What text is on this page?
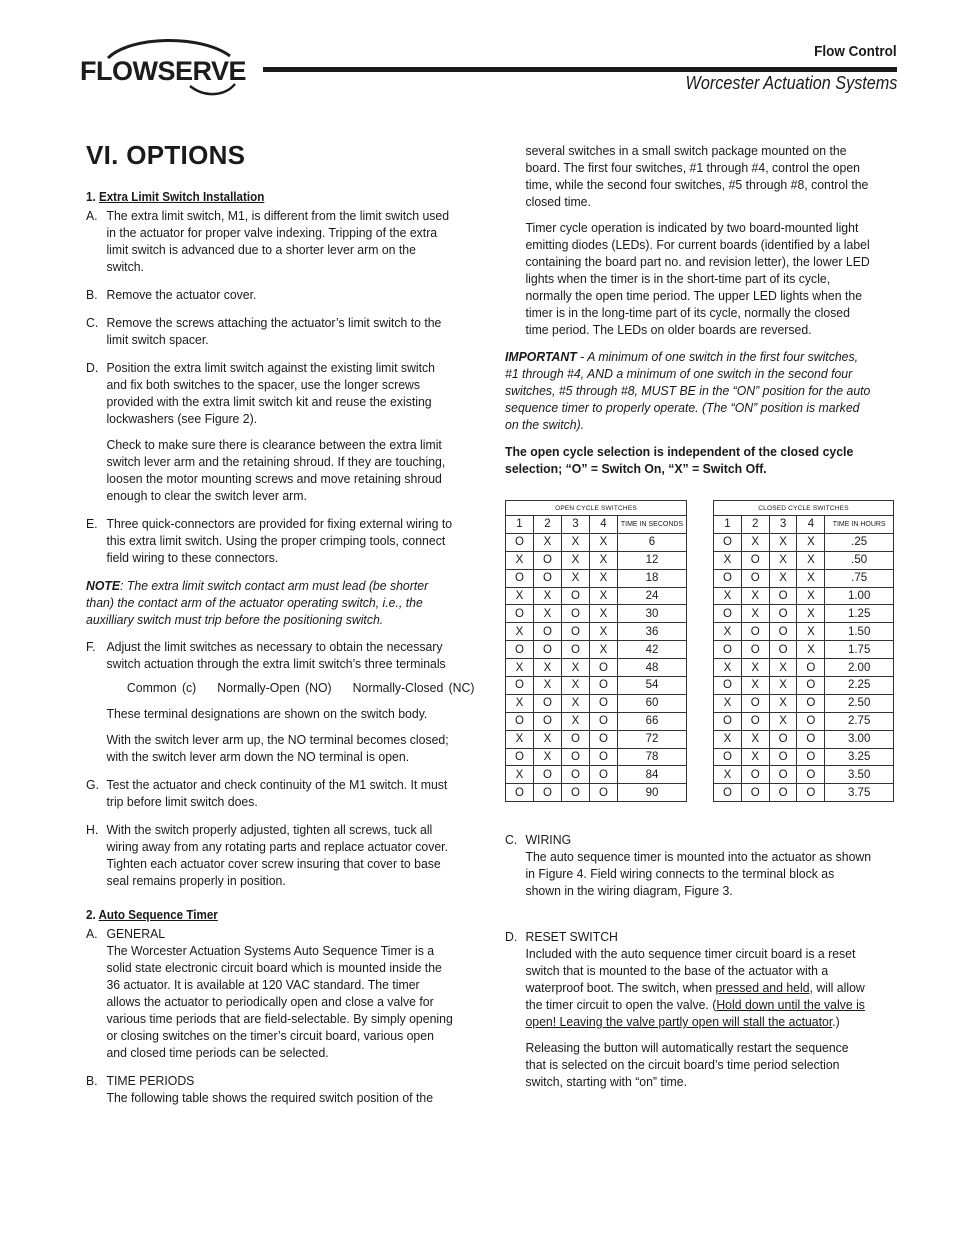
FLOWSERVE
Flow Control
Worcester Actuation Systems
VI. OPTIONS
1. Extra Limit Switch Installation
A. The extra limit switch, M1, is different from the limit switch used in the actuator for proper valve indexing. Tripping of the extra limit switch is advanced due to a shorter lever arm on the switch.
B. Remove the actuator cover.
C. Remove the screws attaching the actuator’s limit switch to the limit switch spacer.
D. Position the extra limit switch against the existing limit switch and fix both switches to the spacer, use the longer screws provided with the extra limit switch kit and reuse the existing lockwashers (see Figure 2).

Check to make sure there is clearance between the extra limit switch lever arm and the retaining shroud. If they are touching, loosen the motor mounting screws and move retaining shroud enough to clear the switch lever arm.

E. Three quick-connectors are provided for fixing external wiring to this extra limit switch. Using the proper crimping tools, connect field wiring to these connectors.
NOTE: The extra limit switch contact arm must lead (be shorter than) the contact arm of the actuator operating switch, i.e., the auxilliary switch must trip before the positioning switch.
F. Adjust the limit switches as necessary to obtain the necessary switch actuation through the extra limit switch’s three terminals
Common (c)    Normally-Open (NO)    Normally-Closed (NC)
These terminal designations are shown on the switch body.
With the switch lever arm up, the NO terminal becomes closed; with the switch lever arm down the NO terminal is open.
G. Test the actuator and check continuity of the M1 switch. It must trip before limit switch does.
H. With the switch properly adjusted, tighten all screws, tuck all wiring away from any rotating parts and replace actuator cover. Tighten each actuator cover screw insuring that cover to base seal remains properly in position.
2. Auto Sequence Timer
A. GENERAL
The Worcester Actuation Systems Auto Sequence Timer is a solid state electronic circuit board which is mounted inside the 36 actuator. It is available at 120 VAC standard. The timer allows the actuator to periodically open and close a valve for various time periods that are field-selectable. By simply opening or closing switches on the timer’s circuit board, various open and closed time periods can be selected.
B. TIME PERIODS
The following table shows the required switch position of the

several switches in a small switch package mounted on the board. The first four switches, #1 through #4, control the open time, while the second four switches, #5 through #8, control the closed time.

Timer cycle operation is indicated by two board-mounted light emitting diodes (LEDs). For current boards (identified by a label containing the board part no. and revision letter), the lower LED lights when the timer is in the short-time part of its cycle, normally the open time period. The upper LED lights when the timer is in the long-time part of its cycle, normally the closed time period. The LEDs on older boards are reversed.

IMPORTANT - A minimum of one switch in the first four switches, #1 through #4, AND a minimum of one switch in the second four switches, #5 through #8, MUST BE in the “ON” position for the auto sequence timer to properly operate. (The “ON” position is marked on the switch).
The open cycle selection is independent of the closed cycle selection; “O” = Switch On, “X” = Switch Off.
OPEN CYCLE SWITCHES				
1	2	3	4	TIME IN SECONDS
O	X	X	X	6
X	O	X	X	12
O	O	X	X	18
X	X	O	X	24
O	X	O	X	30
X	O	O	X	36
O	O	O	X	42
X	X	X	O	48
O	X	X	O	54
X	O	X	O	60
O	O	X	O	66
X	X	O	O	72
O	X	O	O	78
X	O	O	O	84
O	O	O	O	90
CLOSED CYCLE SWITCHES				
1	2	3	4	TIME IN HOURS
O	X	X	X	.25
X	O	X	X	.50
O	O	X	X	.75
X	X	O	X	1.00
O	X	O	X	1.25
X	O	O	X	1.50
O	O	O	X	1.75
X	X	X	O	2.00
O	X	X	O	2.25
X	O	X	O	2.50
O	O	X	O	2.75
X	X	O	O	3.00
O	X	O	O	3.25
X	O	O	O	3.50
O	O	O	O	3.75
C. WIRING
The auto sequence timer is mounted into the actuator as shown in Figure 4. Field wiring connects to the terminal block as shown in the wiring diagram, Figure 3.
D. RESET SWITCH

Included with the auto sequence timer circuit board is a reset switch that is mounted to the base of the actuator with a waterproof boot. The switch, when pressed and held, will allow the timer circuit to open the valve. (Hold down until the valve is open! Leaving the valve partly open will stall the actuator.)

Releasing the button will automatically restart the sequence that is selected on the circuit board’s time period selection switch, starting with “on” time.
